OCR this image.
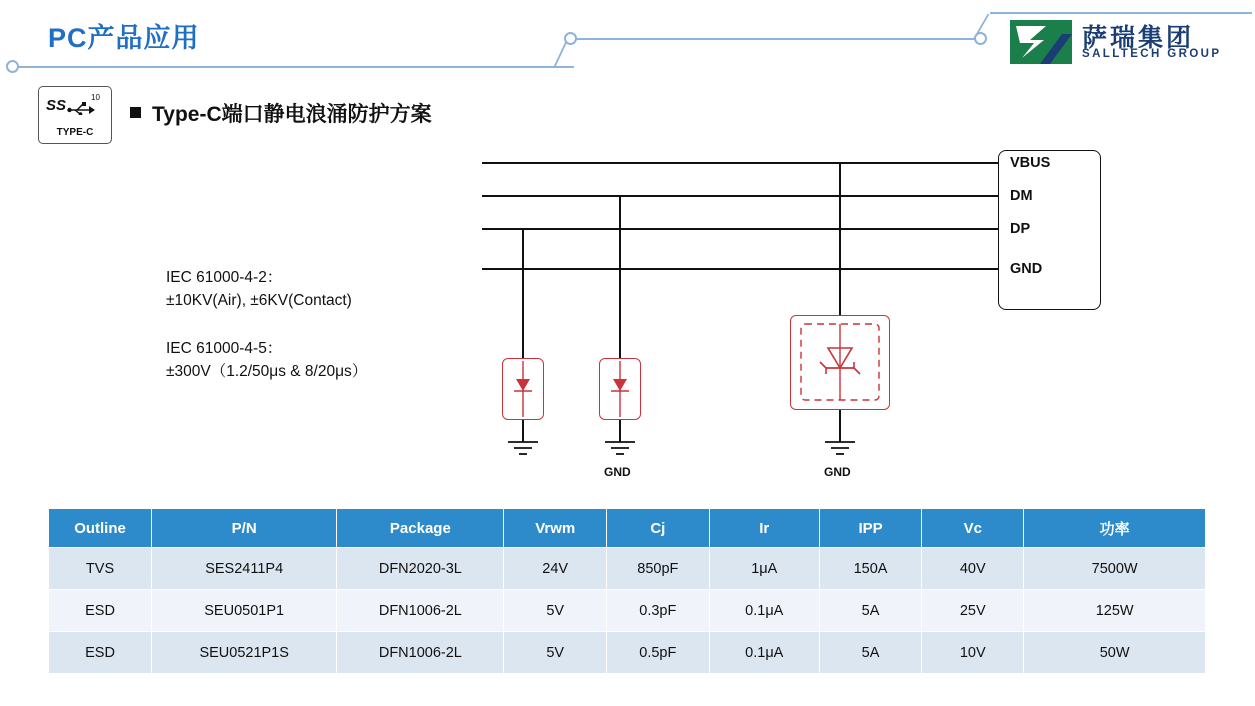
PC产品应用	萨瑞集团
SALLTECH GROUP
SS	10
TYPE-C
Type-C端口静电浪涌防护方案
IEC 61000-4-2：
±10KV(Air), ±6KV(Contact)
IEC 61000-4-5：
±300V（1.2/50μs & 8/20μs）
GND	GND
VBUS
DM
DP
GND
Outline	P/N	Package	Vrwm	Cj	Ir	IPP	Vc	功率
TVS	SES2411P4	DFN2020-3L	24V	850pF	1μA	150A	40V	7500W
ESD	SEU0501P1	DFN1006-2L	5V	0.3pF	0.1μA	5A	25V	125W
ESD	SEU0521P1S	DFN1006-2L	5V	0.5pF	0.1μA	5A	10V	50W
